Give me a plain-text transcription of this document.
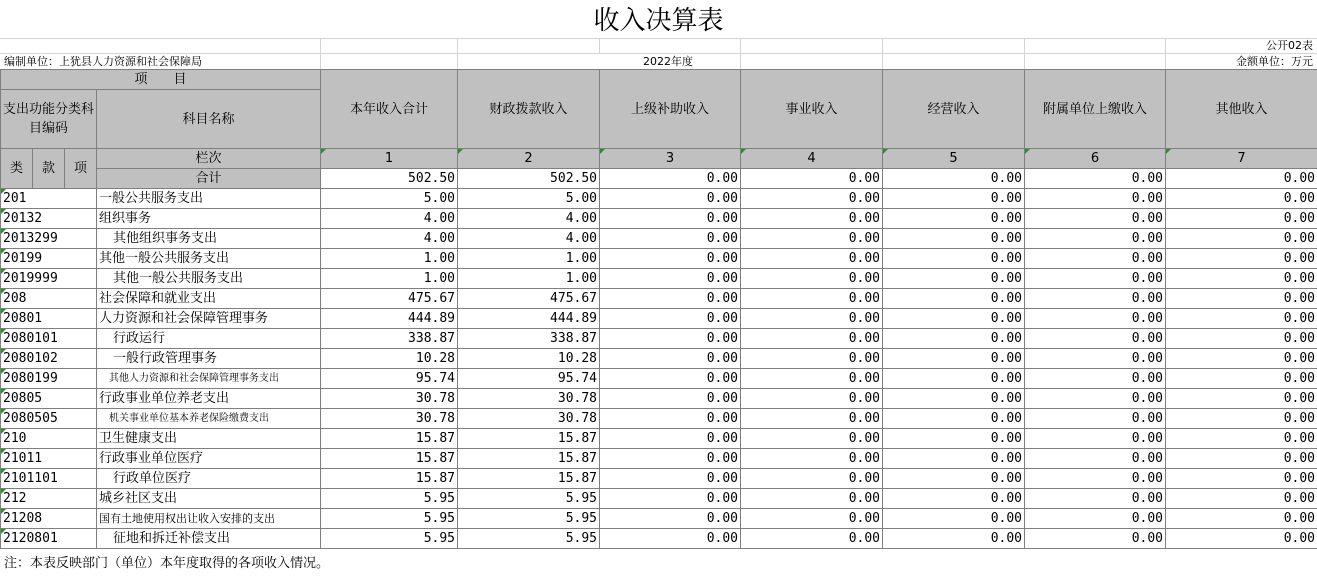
收入决算表
公开02表
编制单位：上犹县人力资源和社会保障局	2022年度	金额单位：万元
项　　目				本年收入合计	财政拨款收入	上级补助收入	事业收入	经营收入	附属单位上缴收入	其他收入
支出功能分类科目编码			科目名称							
类	款	项	栏次	1	2	3	4	5	6	7
			合计	502.50	502.50	0.00	0.00	0.00	0.00	0.00
201			一般公共服务支出	5.00	5.00	0.00	0.00	0.00	0.00	0.00
20132			组织事务	4.00	4.00	0.00	0.00	0.00	0.00	0.00
2013299			其他组织事务支出	4.00	4.00	0.00	0.00	0.00	0.00	0.00
20199			其他一般公共服务支出	1.00	1.00	0.00	0.00	0.00	0.00	0.00
2019999			其他一般公共服务支出	1.00	1.00	0.00	0.00	0.00	0.00	0.00
208			社会保障和就业支出	475.67	475.67	0.00	0.00	0.00	0.00	0.00
20801			人力资源和社会保障管理事务	444.89	444.89	0.00	0.00	0.00	0.00	0.00
2080101			行政运行	338.87	338.87	0.00	0.00	0.00	0.00	0.00
2080102			一般行政管理事务	10.28	10.28	0.00	0.00	0.00	0.00	0.00
2080199			其他人力资源和社会保障管理事务支出	95.74	95.74	0.00	0.00	0.00	0.00	0.00
20805			行政事业单位养老支出	30.78	30.78	0.00	0.00	0.00	0.00	0.00
2080505			机关事业单位基本养老保险缴费支出	30.78	30.78	0.00	0.00	0.00	0.00	0.00
210			卫生健康支出	15.87	15.87	0.00	0.00	0.00	0.00	0.00
21011			行政事业单位医疗	15.87	15.87	0.00	0.00	0.00	0.00	0.00
2101101			行政单位医疗	15.87	15.87	0.00	0.00	0.00	0.00	0.00
212			城乡社区支出	5.95	5.95	0.00	0.00	0.00	0.00	0.00
21208			国有土地使用权出让收入安排的支出	5.95	5.95	0.00	0.00	0.00	0.00	0.00
2120801			征地和拆迁补偿支出	5.95	5.95	0.00	0.00	0.00	0.00	0.00
注：本表反映部门（单位）本年度取得的各项收入情况。
